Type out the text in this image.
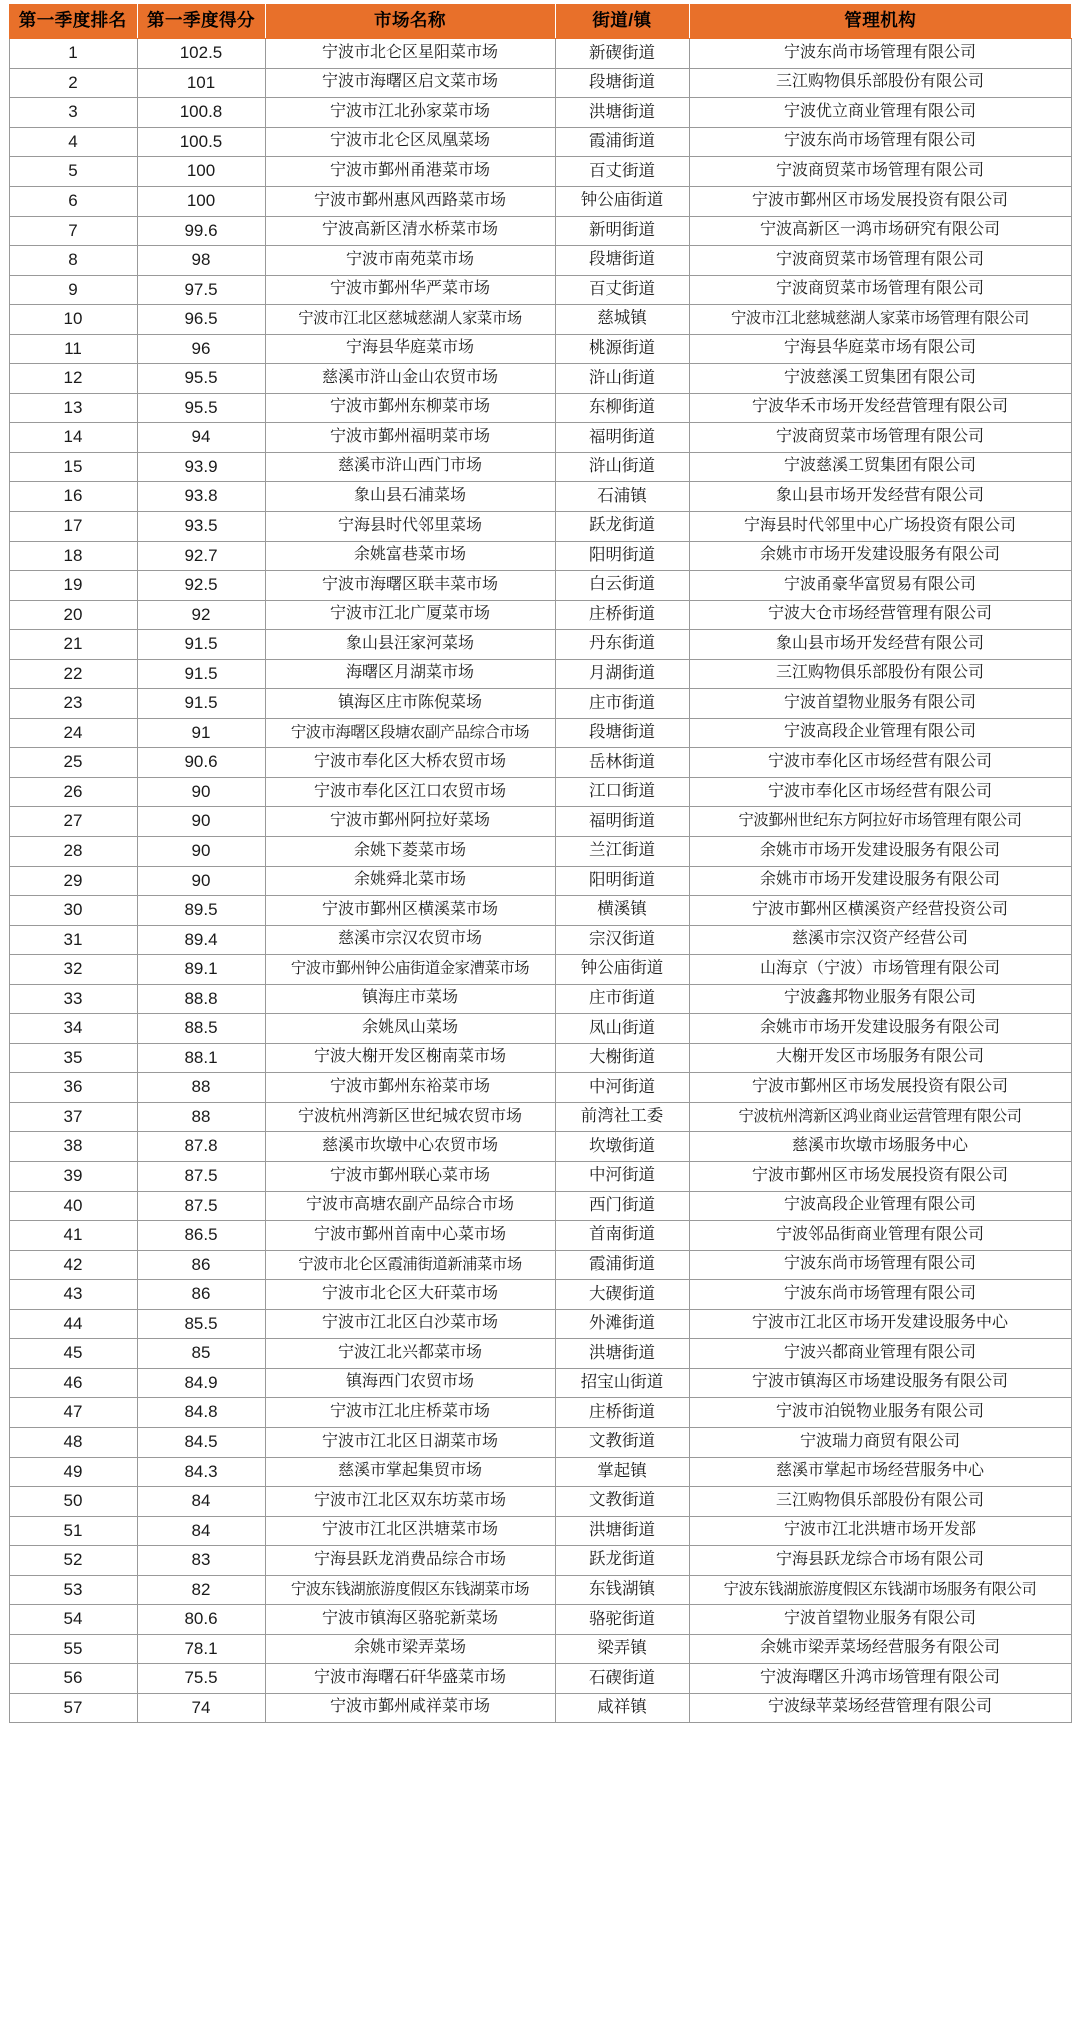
第一季度排名	第一季度得分	市场名称	街道/镇	管理机构
1	102.5	宁波市北仑区星阳菜市场	新碶街道	宁波东尚市场管理有限公司
2	101	宁波市海曙区启文菜市场	段塘街道	三江购物俱乐部股份有限公司
3	100.8	宁波市江北孙家菜市场	洪塘街道	宁波优立商业管理有限公司
4	100.5	宁波市北仑区凤凰菜场	霞浦街道	宁波东尚市场管理有限公司
5	100	宁波市鄞州甬港菜市场	百丈街道	宁波商贸菜市场管理有限公司
6	100	宁波市鄞州惠风西路菜市场	钟公庙街道	宁波市鄞州区市场发展投资有限公司
7	99.6	宁波高新区清水桥菜市场	新明街道	宁波高新区一鸿市场研究有限公司
8	98	宁波市南苑菜市场	段塘街道	宁波商贸菜市场管理有限公司
9	97.5	宁波市鄞州华严菜市场	百丈街道	宁波商贸菜市场管理有限公司
10	96.5	宁波市江北区慈城慈湖人家菜市场	慈城镇	宁波市江北慈城慈湖人家菜市场管理有限公司
11	96	宁海县华庭菜市场	桃源街道	宁海县华庭菜市场有限公司
12	95.5	慈溪市浒山金山农贸市场	浒山街道	宁波慈溪工贸集团有限公司
13	95.5	宁波市鄞州东柳菜市场	东柳街道	宁波华禾市场开发经营管理有限公司
14	94	宁波市鄞州福明菜市场	福明街道	宁波商贸菜市场管理有限公司
15	93.9	慈溪市浒山西门市场	浒山街道	宁波慈溪工贸集团有限公司
16	93.8	象山县石浦菜场	石浦镇	象山县市场开发经营有限公司
17	93.5	宁海县时代邻里菜场	跃龙街道	宁海县时代邻里中心广场投资有限公司
18	92.7	余姚富巷菜市场	阳明街道	余姚市市场开发建设服务有限公司
19	92.5	宁波市海曙区联丰菜市场	白云街道	宁波甬豪华富贸易有限公司
20	92	宁波市江北广厦菜市场	庄桥街道	宁波大仓市场经营管理有限公司
21	91.5	象山县汪家河菜场	丹东街道	象山县市场开发经营有限公司
22	91.5	海曙区月湖菜市场	月湖街道	三江购物俱乐部股份有限公司
23	91.5	镇海区庄市陈倪菜场	庄市街道	宁波首望物业服务有限公司
24	91	宁波市海曙区段塘农副产品综合市场	段塘街道	宁波高段企业管理有限公司
25	90.6	宁波市奉化区大桥农贸市场	岳林街道	宁波市奉化区市场经营有限公司
26	90	宁波市奉化区江口农贸市场	江口街道	宁波市奉化区市场经营有限公司
27	90	宁波市鄞州阿拉好菜场	福明街道	宁波鄞州世纪东方阿拉好市场管理有限公司
28	90	余姚下菱菜市场	兰江街道	余姚市市场开发建设服务有限公司
29	90	余姚舜北菜市场	阳明街道	余姚市市场开发建设服务有限公司
30	89.5	宁波市鄞州区横溪菜市场	横溪镇	宁波市鄞州区横溪资产经营投资公司
31	89.4	慈溪市宗汉农贸市场	宗汉街道	慈溪市宗汉资产经营公司
32	89.1	宁波市鄞州钟公庙街道金家漕菜市场	钟公庙街道	山海京（宁波）市场管理有限公司
33	88.8	镇海庄市菜场	庄市街道	宁波鑫邦物业服务有限公司
34	88.5	余姚凤山菜场	凤山街道	余姚市市场开发建设服务有限公司
35	88.1	宁波大榭开发区榭南菜市场	大榭街道	大榭开发区市场服务有限公司
36	88	宁波市鄞州东裕菜市场	中河街道	宁波市鄞州区市场发展投资有限公司
37	88	宁波杭州湾新区世纪城农贸市场	前湾社工委	宁波杭州湾新区鸿业商业运营管理有限公司
38	87.8	慈溪市坎墩中心农贸市场	坎墩街道	慈溪市坎墩市场服务中心
39	87.5	宁波市鄞州联心菜市场	中河街道	宁波市鄞州区市场发展投资有限公司
40	87.5	宁波市高塘农副产品综合市场	西门街道	宁波高段企业管理有限公司
41	86.5	宁波市鄞州首南中心菜市场	首南街道	宁波邻品街商业管理有限公司
42	86	宁波市北仑区霞浦街道新浦菜市场	霞浦街道	宁波东尚市场管理有限公司
43	86	宁波市北仑区大矸菜市场	大碶街道	宁波东尚市场管理有限公司
44	85.5	宁波市江北区白沙菜市场	外滩街道	宁波市江北区市场开发建设服务中心
45	85	宁波江北兴都菜市场	洪塘街道	宁波兴都商业管理有限公司
46	84.9	镇海西门农贸市场	招宝山街道	宁波市镇海区市场建设服务有限公司
47	84.8	宁波市江北庄桥菜市场	庄桥街道	宁波市泊锐物业服务有限公司
48	84.5	宁波市江北区日湖菜市场	文教街道	宁波瑞力商贸有限公司
49	84.3	慈溪市掌起集贸市场	掌起镇	慈溪市掌起市场经营服务中心
50	84	宁波市江北区双东坊菜市场	文教街道	三江购物俱乐部股份有限公司
51	84	宁波市江北区洪塘菜市场	洪塘街道	宁波市江北洪塘市场开发部
52	83	宁海县跃龙消费品综合市场	跃龙街道	宁海县跃龙综合市场有限公司
53	82	宁波东钱湖旅游度假区东钱湖菜市场	东钱湖镇	宁波东钱湖旅游度假区东钱湖市场服务有限公司
54	80.6	宁波市镇海区骆驼新菜场	骆驼街道	宁波首望物业服务有限公司
55	78.1	余姚市梁弄菜场	梁弄镇	余姚市梁弄菜场经营服务有限公司
56	75.5	宁波市海曙石矸华盛菜市场	石碶街道	宁波海曙区升鸿市场管理有限公司
57	74	宁波市鄞州咸祥菜市场	咸祥镇	宁波绿苹菜场经营管理有限公司
